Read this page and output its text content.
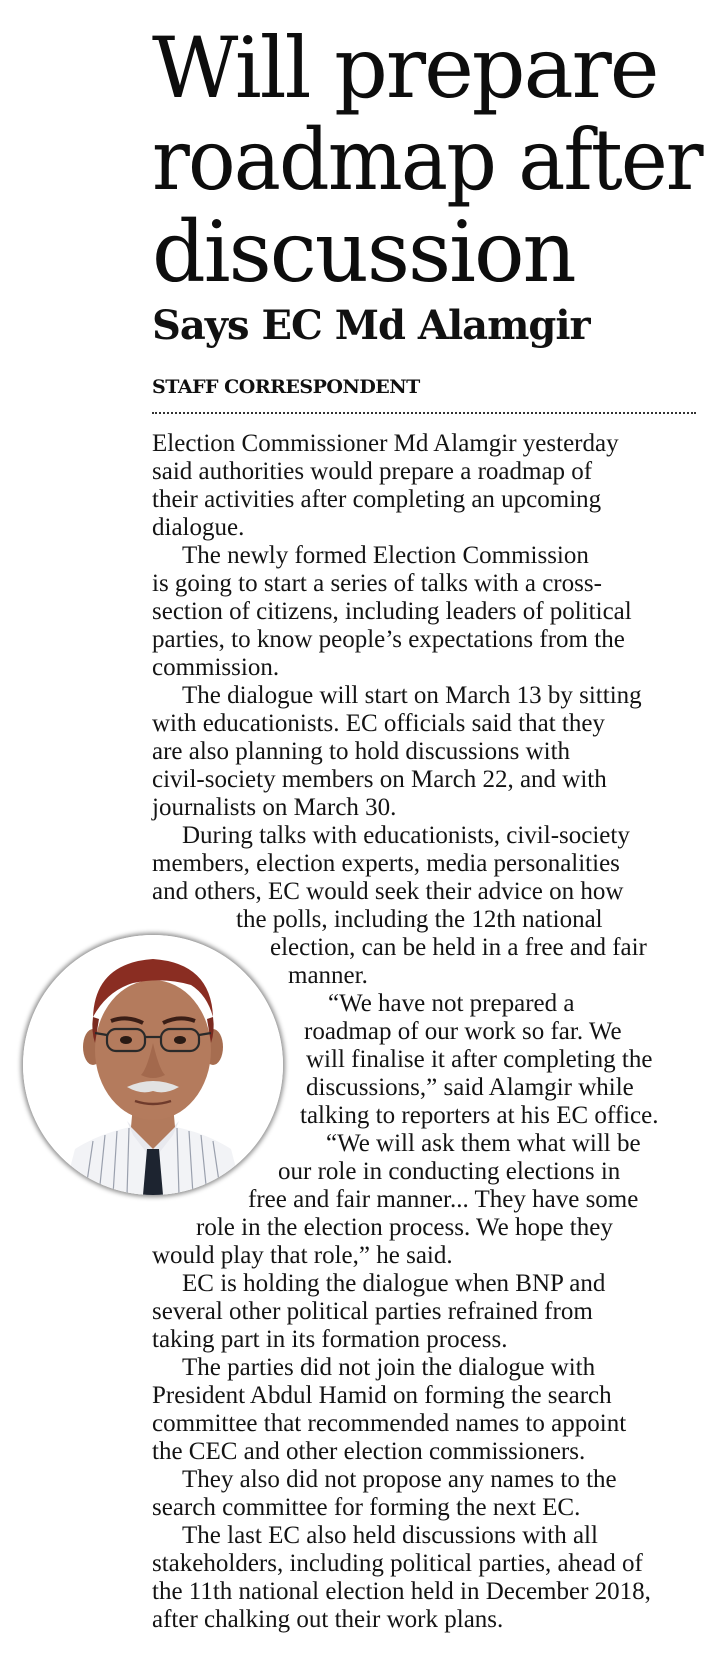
Will prepare
roadmap after
discussion
Says EC Md Alamgir
STAFF CORRESPONDENT
Election Commissioner Md Alamgir yesterday
said authorities would prepare a roadmap of
their activities after completing an upcoming
dialogue.
The newly formed Election Commission
is going to start a series of talks with a cross-
section of citizens, including leaders of political
parties, to know people’s expectations from the
commission.
The dialogue will start on March 13 by sitting
with educationists. EC officials said that they
are also planning to hold discussions with
civil-society members on March 22, and with
journalists on March 30.
During talks with educationists, civil-society
members, election experts, media personalities
and others, EC would seek their advice on how
the polls, including the 12th national
election, can be held in a free and fair
manner.
“We have not prepared a
roadmap of our work so far. We
will finalise it after completing the
discussions,” said Alamgir while
talking to reporters at his EC office.
“We will ask them what will be
our role in conducting elections in
free and fair manner... They have some
role in the election process. We hope they
would play that role,” he said.
EC is holding the dialogue when BNP and
several other political parties refrained from
taking part in its formation process.
The parties did not join the dialogue with
President Abdul Hamid on forming the search
committee that recommended names to appoint
the CEC and other election commissioners.
They also did not propose any names to the
search committee for forming the next EC.
The last EC also held discussions with all
stakeholders, including political parties, ahead of
the 11th national election held in December 2018,
after chalking out their work plans.
